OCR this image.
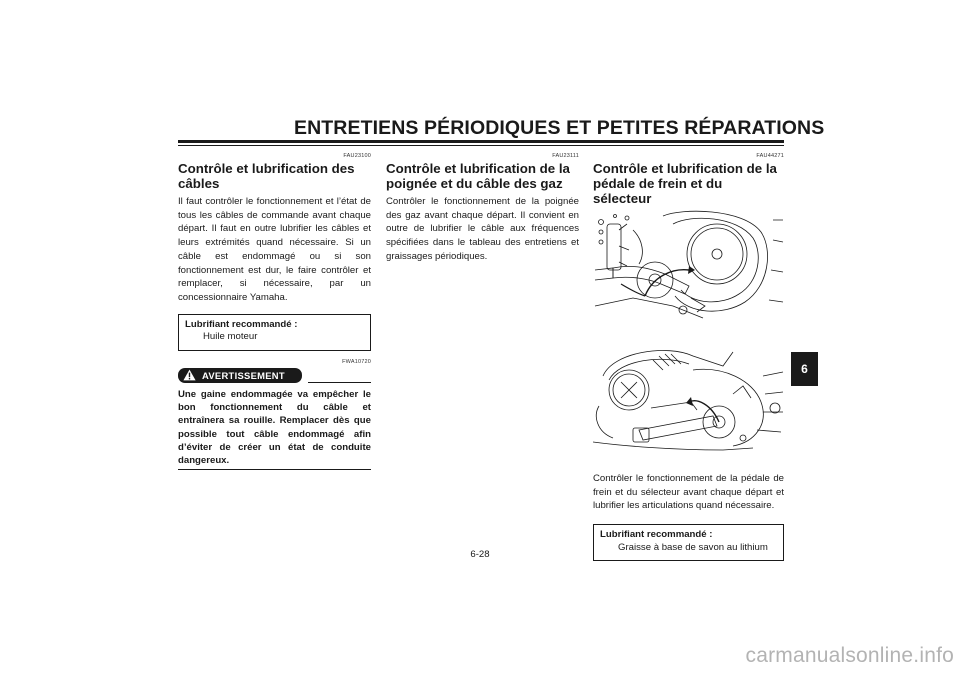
ENTRETIENS PÉRIODIQUES ET PETITES RÉPARATIONS
FAU23100
Contrôle et lubrification des câbles

Il faut contrôler le fonctionnement et l’état de tous les câbles de commande avant chaque départ. Il faut en outre lubrifier les câbles et leurs extrémités quand nécessaire. Si un câble est endommagé ou si son fonctionnement est dur, le faire contrôler et remplacer, si nécessaire, par un concessionnaire Yamaha.

Lubrifiant recommandé :
Huile moteur
FWA10720
AVERTISSEMENT
Une gaine endommagée va empêcher le bon fonctionnement du câble et entraînera sa rouille. Remplacer dès que possible tout câble endommagé afin d’éviter de créer un état de conduite dangereux.
FAU23111
Contrôle et lubrification de la poignée et du câble des gaz

Contrôler le fonctionnement de la poignée des gaz avant chaque départ. Il convient en outre de lubrifier le câble aux fréquences spécifiées dans le tableau des entretiens et graissages périodiques.

FAU44271
Contrôle et lubrification de la pédale de frein et du sélecteur

Contrôler le fonctionnement de la pédale de frein et du sélecteur avant chaque départ et lubrifier les articulations quand nécessaire.

Lubrifiant recommandé :
Graisse à base de savon au lithium
6
6-28
carmanualsonline.info
